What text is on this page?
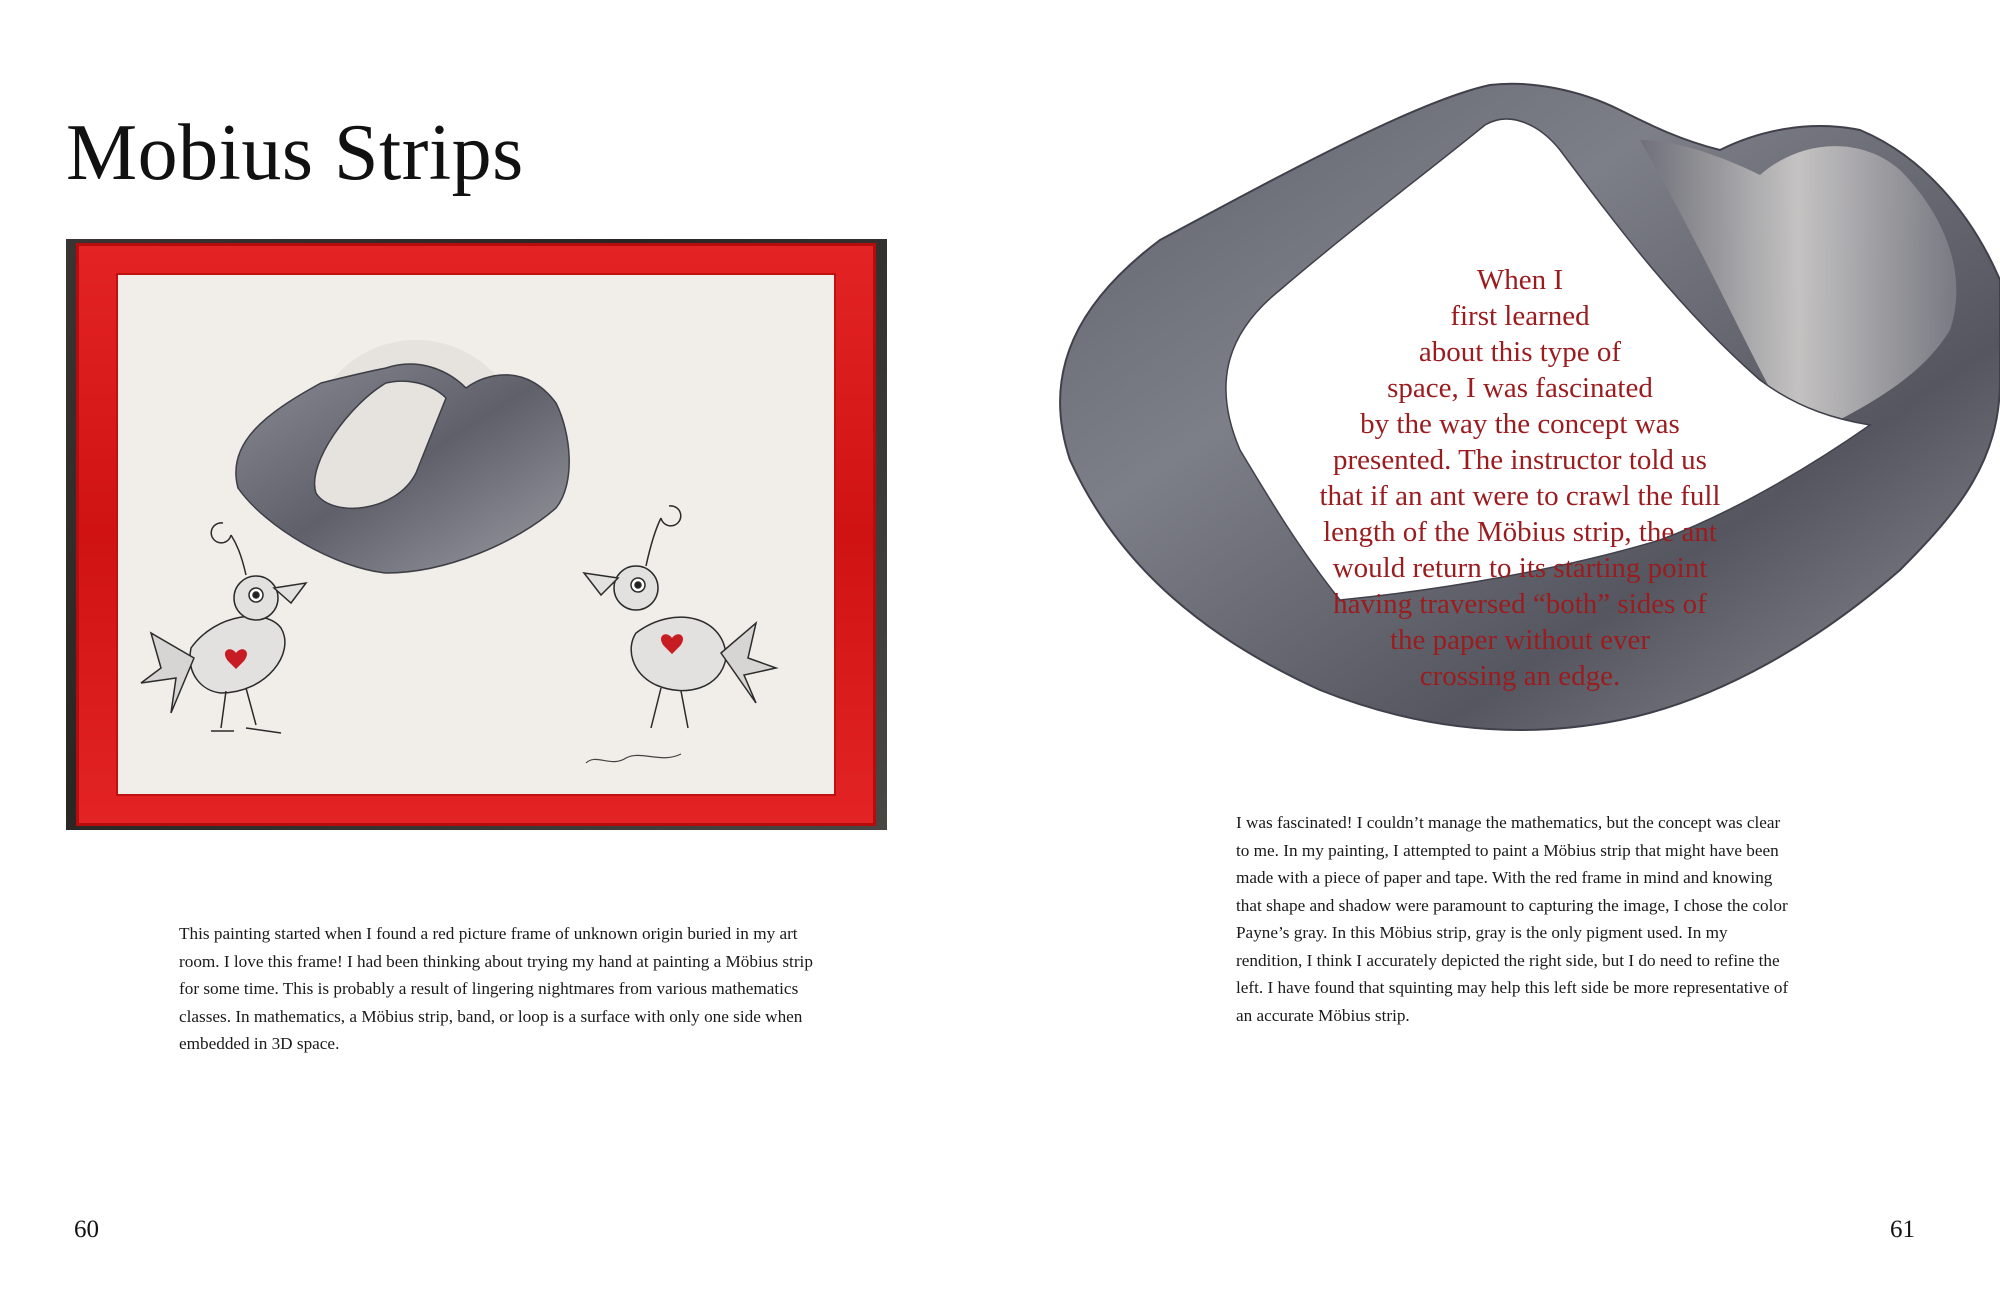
Mobius Strips

This painting started when I found a red picture frame of unknown origin buried in my art room. I love this frame! I had been thinking about trying my hand at painting a Möbius strip for some time. This is probably a result of lingering nightmares from various mathematics classes. In mathematics, a Möbius strip, band, or loop is a surface with only one side when embedded in 3D space.

60
When I
first learned
about this type of
space, I was fascinated
by the way the concept was
presented. The instructor told us
that if an ant were to crawl the full
length of the Möbius strip, the ant
would return to its starting point
having traversed “both” sides of
the paper without ever
crossing an edge.

I was fascinated! I couldn’t manage the mathematics, but the concept was clear to me. In my painting, I attempted to paint a Möbius strip that might have been made with a piece of paper and tape. With the red frame in mind and knowing that shape and shadow were paramount to capturing the image, I chose the color Payne’s gray. In this Möbius strip, gray is the only pigment used. In my rendition, I think I accurately depicted the right side, but I do need to refine the left. I have found that squinting may help this left side be more representative of an accurate Möbius strip.

61
